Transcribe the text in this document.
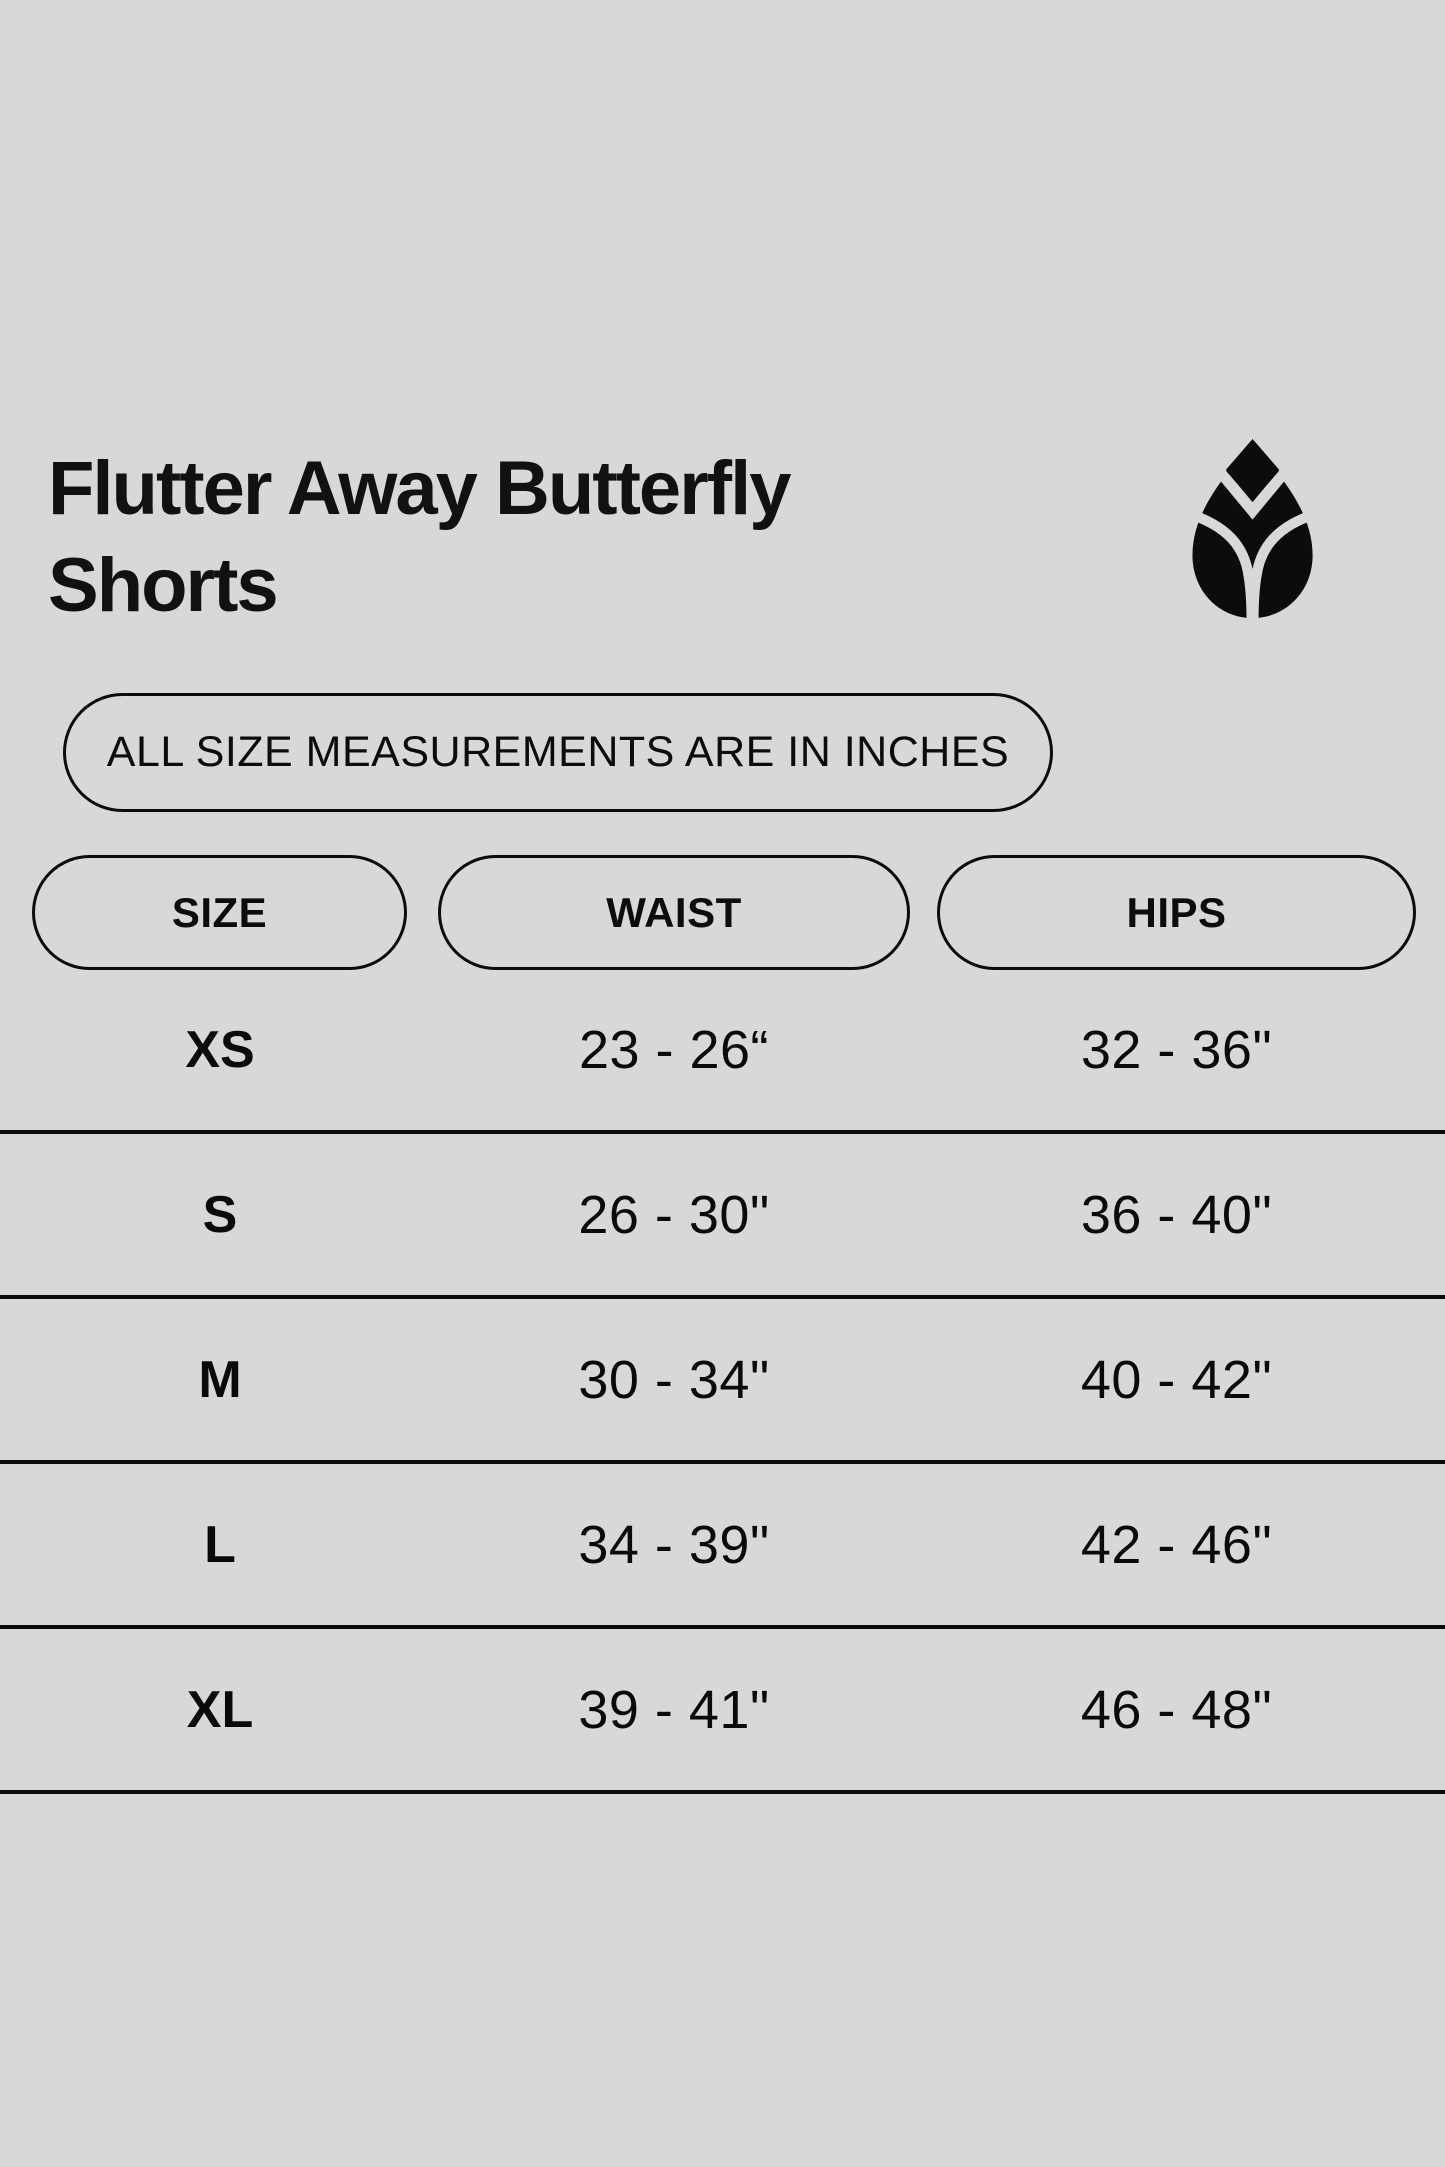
Flutter Away Butterfly Shorts
ALL SIZE MEASUREMENTS ARE IN INCHES
SIZE	WAIST	HIPS
XS	23 - 26“	32 - 36"
S	26 - 30"	36 - 40"
M	30 - 34"	40 - 42"
L	34 - 39"	42 - 46"
XL	39 - 41"	46 - 48"
